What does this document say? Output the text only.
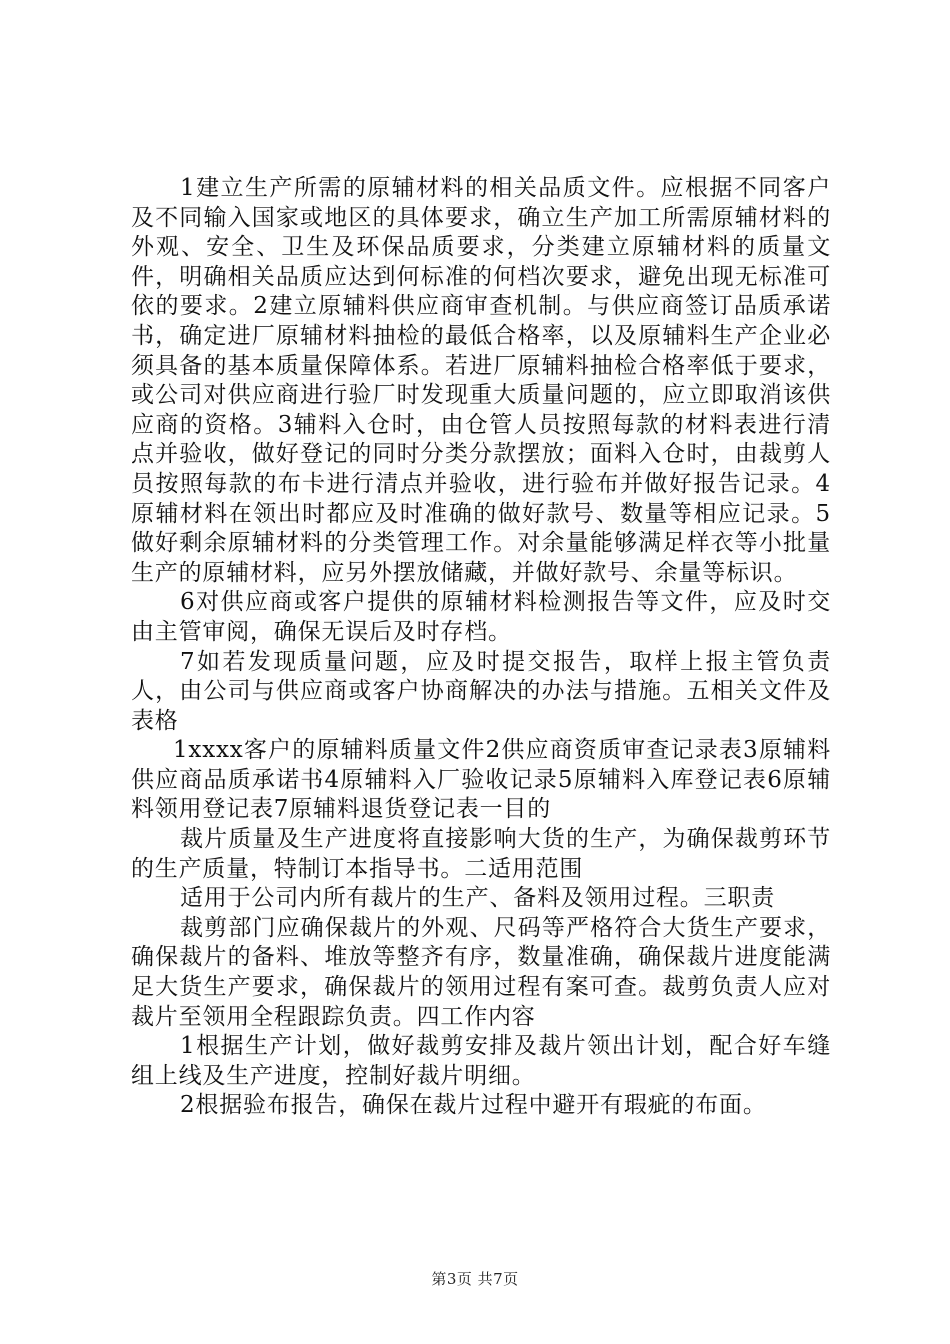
1建立生产所需的原辅材料的相关品质文件。应根据不同客户及不同输入国家或地区的具体要求，确立生产加工所需原辅材料的外观、安全、卫生及环保品质要求，分类建立原辅材料的质量文件，明确相关品质应达到何标准的何档次要求，避免出现无标准可依的要求。2建立原辅料供应商审查机制。与供应商签订品质承诺书，确定进厂原辅材料抽检的最低合格率，以及原辅料生产企业必须具备的基本质量保障体系。若进厂原辅料抽检合格率低于要求，或公司对供应商进行验厂时发现重大质量问题的，应立即取消该供应商的资格。3辅料入仓时，由仓管人员按照每款的材料表进行清点并验收，做好登记的同时分类分款摆放；面料入仓时，由裁剪人员按照每款的布卡进行清点并验收，进行验布并做好报告记录。4原辅材料在领出时都应及时准确的做好款号、数量等相应记录。5做好剩余原辅材料的分类管理工作。对余量能够满足样衣等小批量生产的原辅材料，应另外摆放储藏，并做好款号、余量等标识。

6对供应商或客户提供的原辅材料检测报告等文件，应及时交由主管审阅，确保无误后及时存档。

7如若发现质量问题，应及时提交报告，取样上报主管负责人，由公司与供应商或客户协商解决的办法与措施。五相关文件及表格

1xxxx客户的原辅料质量文件2供应商资质审查记录表3原辅料供应商品质承诺书4原辅料入厂验收记录5原辅料入库登记表6原辅料领用登记表7原辅料退货登记表一目的

裁片质量及生产进度将直接影响大货的生产，为确保裁剪环节的生产质量，特制订本指导书。二适用范围

适用于公司内所有裁片的生产、备料及领用过程。三职责

裁剪部门应确保裁片的外观、尺码等严格符合大货生产要求，确保裁片的备料、堆放等整齐有序，数量准确，确保裁片进度能满足大货生产要求，确保裁片的领用过程有案可查。裁剪负责人应对裁片至领用全程跟踪负责。四工作内容

1根据生产计划，做好裁剪安排及裁片领出计划，配合好车缝组上线及生产进度，控制好裁片明细。

2根据验布报告，确保在裁片过程中避开有瑕疵的布面。

第3页 共7页
